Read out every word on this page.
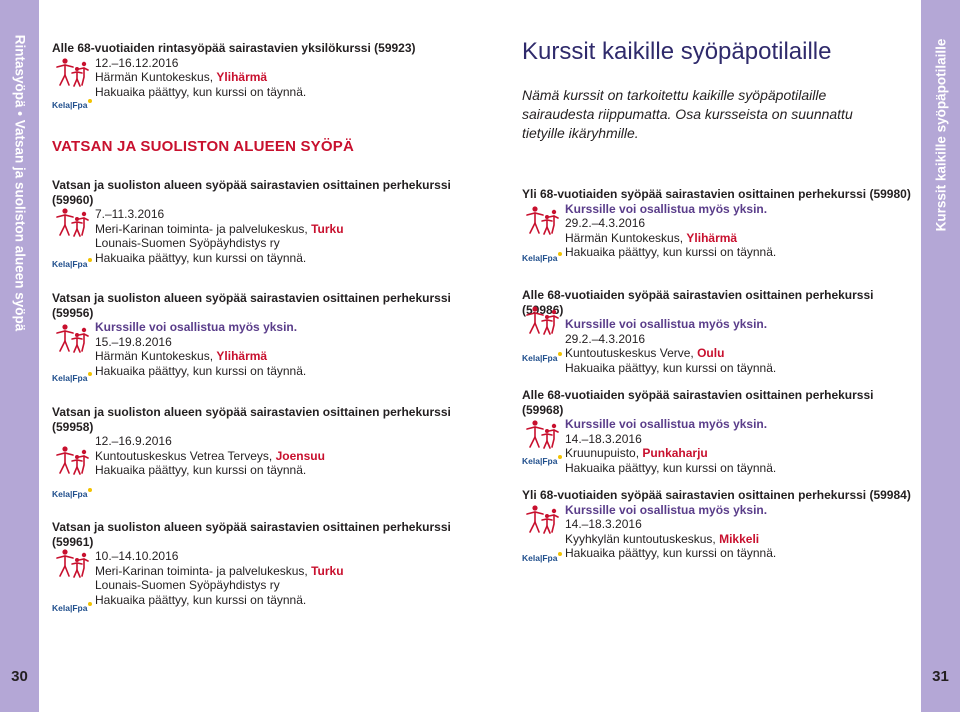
Rintasyöpä • Vatsan ja suoliston alueen syöpä	Kurssit kaikille syöpäpotilaille
30	31
Alle 68-vuotiaiden rintasyöpää sairastavien yksilökurssi (59923)
12.–16.12.2016
Härmän Kuntokeskus, Ylihärmä
Hakuaika päättyy, kun kurssi on täynnä.
Kela|Fpa
VATSAN JA SUOLISTON ALUEEN SYÖPÄ
Vatsan ja suoliston alueen syöpää sairastavien osittainen perhekurssi
(59960)
7.–11.3.2016
Meri-Karinan toiminta- ja palvelukeskus, Turku
Lounais-Suomen Syöpäyhdistys ry
Hakuaika päättyy, kun kurssi on täynnä.
Kela|Fpa
Vatsan ja suoliston alueen syöpää sairastavien osittainen perhekurssi
(59956)
Kurssille voi osallistua myös yksin.
15.–19.8.2016
Härmän Kuntokeskus, Ylihärmä
Hakuaika päättyy, kun kurssi on täynnä.
Kela|Fpa
Vatsan ja suoliston alueen syöpää sairastavien osittainen perhekurssi
(59958)
12.–16.9.2016
Kuntoutuskeskus Vetrea Terveys, Joensuu
Hakuaika päättyy, kun kurssi on täynnä.
Kela|Fpa
Vatsan ja suoliston alueen syöpää sairastavien osittainen perhekurssi
(59961)
10.–14.10.2016
Meri-Karinan toiminta- ja palvelukeskus, Turku
Lounais-Suomen Syöpäyhdistys ry
Hakuaika päättyy, kun kurssi on täynnä.
Kela|Fpa
Kurssit kaikille syöpäpotilaille
Nämä kurssit on tarkoitettu kaikille syöpäpotilaille sairaudesta riippumatta. Osa kursseista on suunnattu tietyille ikäryhmille.
Yli 68-vuotiaiden syöpää sairastavien osittainen perhekurssi (59980)
Kurssille voi osallistua myös yksin.
29.2.–4.3.2016
Härmän Kuntokeskus, Ylihärmä
Hakuaika päättyy, kun kurssi on täynnä.
Kela|Fpa
Alle 68-vuotiaiden syöpää sairastavien osittainen perhekurssi (59986)
Kurssille voi osallistua myös yksin.
29.2.–4.3.2016
Kuntoutuskeskus Verve, Oulu
Hakuaika päättyy, kun kurssi on täynnä.
Kela|Fpa
Alle 68-vuotiaiden syöpää sairastavien osittainen perhekurssi (59968)
Kurssille voi osallistua myös yksin.
14.–18.3.2016
Kruunupuisto, Punkaharju
Hakuaika päättyy, kun kurssi on täynnä.
Kela|Fpa
Yli 68-vuotiaiden syöpää sairastavien osittainen perhekurssi (59984)
Kurssille voi osallistua myös yksin.
14.–18.3.2016
Kyyhkylän kuntoutuskeskus, Mikkeli
Hakuaika päättyy, kun kurssi on täynnä.
Kela|Fpa
